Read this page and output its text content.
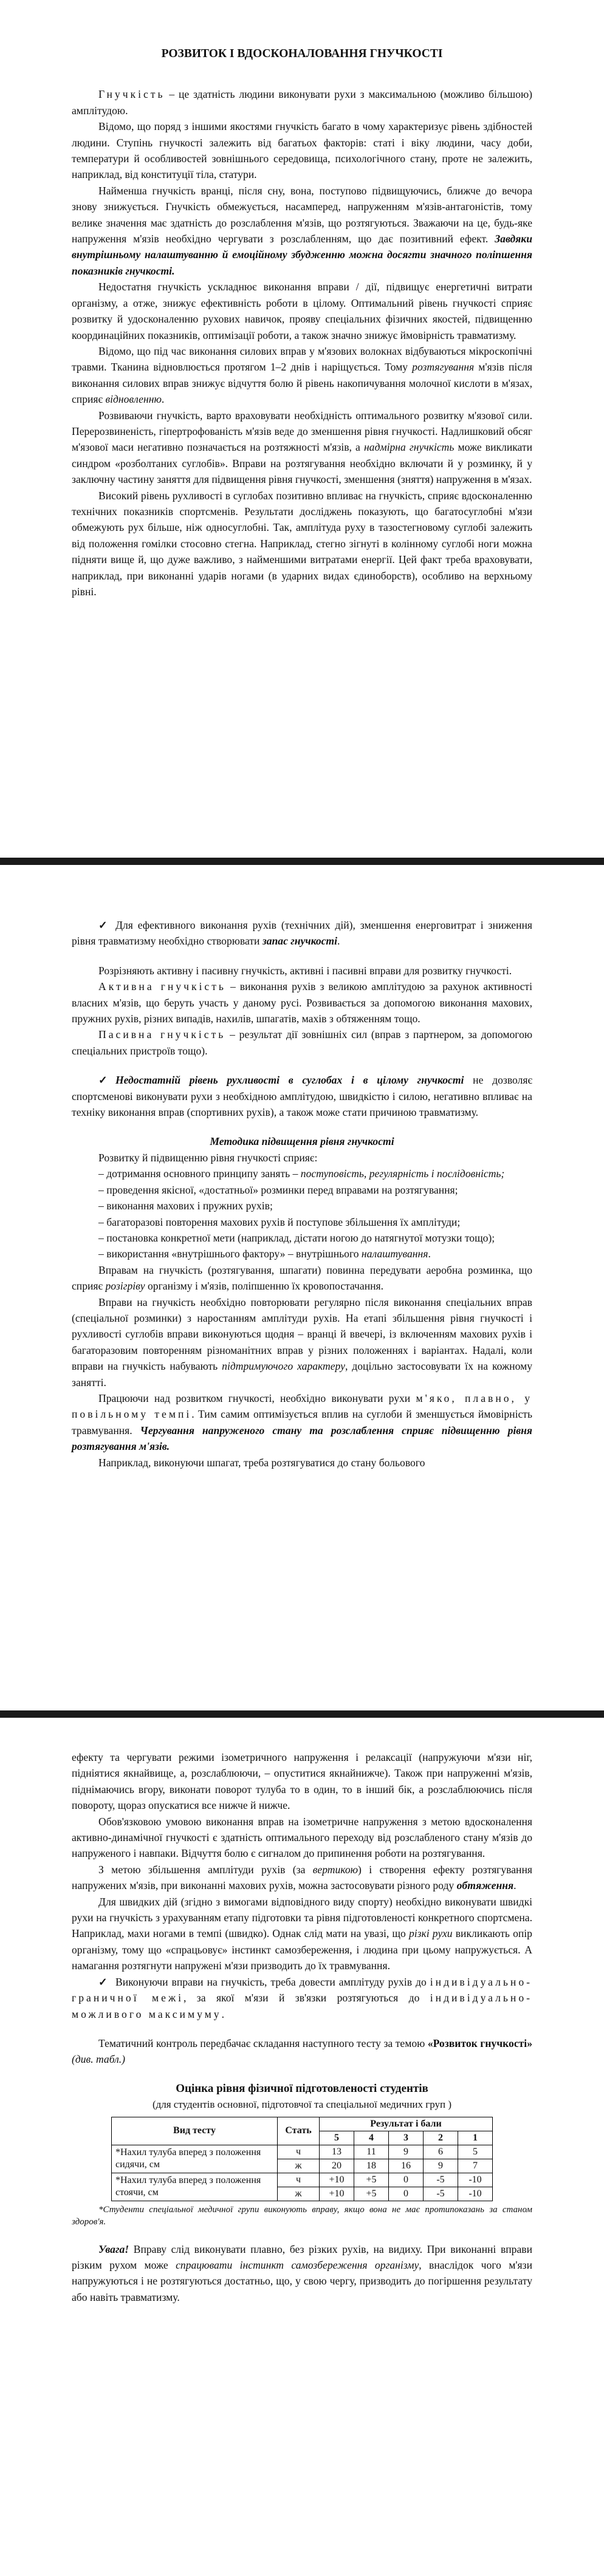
РОЗВИТОК І ВДОСКОНАЛОВАННЯ ГНУЧКОСТІ

Гнучкість – це здатність людини виконувати рухи з максимальною (можливо більшою) амплітудою.

Відомо, що поряд з іншими якостями гнучкість багато в чому характеризує рівень здібностей людини. Ступінь гнучкості залежить від багатьох факторів: статі і віку людини, часу доби, температури й особливостей зовнішнього середовища, психологічного стану, проте не залежить, наприклад, від конституції тіла, статури.

Найменша гнучкість вранці, після сну, вона, поступово підвищуючись, ближче до вечора знову знижується. Гнучкість обмежується, насамперед, напруженням м'язів-антагоністів, тому велике значення має здатність до розслаблення м'язів, що розтягуються. Зважаючи на це, будь-яке напруження м'язів необхідно чергувати з розслабленням, що дає позитивний ефект. Завдяки внутрішньому налаштуванню й емоційному збудженню можна досягти значного поліпшення показників гнучкості.

Недостатня гнучкість ускладнює виконання вправи / дії, підвищує енергетичні витрати організму, а отже, знижує ефективність роботи в цілому. Оптимальний рівень гнучкості сприяє розвитку й удосконаленню рухових навичок, прояву спеціальних фізичних якостей, підвищенню координаційних показників, оптимізації роботи, а також значно знижує ймовірність травматизму.

Відомо, що під час виконання силових вправ у м'язових волокнах відбуваються мікроскопічні травми. Тканина відновлюється протягом 1–2 днів і наріщується. Тому розтягування м'язів після виконання силових вправ знижує відчуття болю й рівень накопичування молочної кислоти в м'язах, сприяє відновленню.

Розвиваючи гнучкість, варто враховувати необхідність оптимального розвитку м'язової сили. Перерозвиненість, гіпертрофованість м'язів веде до зменшення рівня гнучкості. Надлишковий обсяг м'язової маси негативно позначається на розтяжності м'язів, а надмірна гнучкість може викликати синдром «розболтаних суглобів». Вправи на розтягування необхідно включати й у розминку, й у заключну частину заняття для підвищення рівня гнучкості, зменшення (зняття) напруження в м'язах.

Високий рівень рухливості в суглобах позитивно впливає на гнучкість, сприяє вдосконаленню технічних показників спортсменів. Результати досліджень показують, що багатосуглобні м'язи обмежують рух більше, ніж односуглобні. Так, амплітуда руху в тазостегновому суглобі залежить від положення гомілки стосовно стегна. Наприклад, стегно зігнуті в колінному суглобі ноги можна підняти вище й, що дуже важливо, з найменшими витратами енергії. Цей факт треба враховувати, наприклад, при виконанні ударів ногами (в ударних видах єдиноборств), особливо на верхньому рівні.

✓ Для ефективного виконання рухів (технічних дій), зменшення енерговитрат і зниження рівня травматизму необхідно створювати запас гнучкості.

Розрізняють активну і пасивну гнучкість, активні і пасивні вправи для розвитку гнучкості.

Активна гнучкість – виконання рухів з великою амплітудою за рахунок активності власних м'язів, що беруть участь у даному русі. Розвивається за допомогою виконання махових, пружних рухів, різних випадів, нахилів, шпагатів, махів з обтяженням тощо.

Пасивна гнучкість – результат дії зовнішніх сил (вправ з партнером, за допомогою спеціальних пристроїв тощо).

✓ Недостатній рівень рухливості в суглобах і в цілому гнучкості не дозволяє спортсменові виконувати рухи з необхідною амплітудою, швидкістю і силою, негативно впливає на техніку виконання вправ (спортивних рухів), а також може стати причиною травматизму.

Методика підвищення рівня гнучкості

Розвитку й підвищенню рівня гнучкості сприяє:

– дотримання основного принципу занять – поступовість, регулярність і послідовність;

– проведення якісної, «достатньої» розминки перед вправами на розтягування;

– виконання махових і пружних рухів;

– багаторазові повторення махових рухів й поступове збільшення їх амплітуди;

– постановка конкретної мети (наприклад, дістати ногою до натягнутої мотузки тощо);

– використання «внутрішнього фактору» – внутрішнього налаштування.

Вправам на гнучкість (розтягування, шпагати) повинна передувати аеробна розминка, що сприяє розігріву організму і м'язів, поліпшенню їх кровопостачання.

Вправи на гнучкість необхідно повторювати регулярно після виконання спеціальних вправ (спеціальної розминки) з наростанням амплітуди рухів. На етапі збільшення рівня гнучкості і рухливості суглобів вправи виконуються щодня – вранці й ввечері, із включенням махових рухів і багаторазовим повторенням різноманітних вправ у різних положеннях і варіантах. Надалі, коли вправи на гнучкість набувають підтримуючого характеру, доцільно застосовувати їх на кожному занятті.

Працюючи над розвитком гнучкості, необхідно виконувати рухи м'яко, плавно, у повільному темпі. Тим самим оптимізується вплив на суглоби й зменшується ймовірність травмування. Чергування напруженого стану та розслаблення сприяє підвищенню рівня розтягування м'язів.

Наприклад, виконуючи шпагат, треба розтягуватися до стану больового

ефекту та чергувати режими ізометричного напруження і релаксації (напружуючи м'язи ніг, підніятися якнайвище, а, розслаблюючи, – опуститися якнайнижче). Також при напруженні м'язів, піднімаючись вгору, виконати поворот тулуба то в один, то в інший бік, а розслаблюючись після повороту, щораз опускатися все нижче й нижче.

Обов'язковою умовою виконання вправ на ізометричне напруження з метою вдосконалення активно-динамічної гнучкості є здатність оптимального переходу від розслабленого стану м'язів до напруженого і навпаки. Відчуття болю є сигналом до припинення роботи на розтягування.

З метою збільшення амплітуди рухів (за вертикою) і створення ефекту розтягування напружених м'язів, при виконанні махових рухів, можна застосовувати різного роду обтяження.

Для швидких дій (згідно з вимогами відповідного виду спорту) необхідно виконувати швидкі рухи на гнучкість з урахуванням етапу підготовки та рівня підготовленості конкретного спортсмена. Наприклад, махи ногами в темпі (швидко). Однак слід мати на увазі, що різкі рухи викликають опір організму, тому що «спрацьовує» інстинкт самозбереження, і людина при цьому напружується. А намагання розтягнути напружені м'язи призводить до їх травмування.

✓ Виконуючи вправи на гнучкість, треба довести амплітуду рухів до індивідуально-граничної межі, за якої м'язи й зв'язки розтягуються до індивідуально-можливого максимуму.

Тематичний контроль передбачає складання наступного тесту за темою «Розвиток гнучкості» (див. табл.)

Оцінка рівня фізичної підготовленості студентів

(для студентів основної, підготовчої та спеціальної медичних груп )

Вид тесту	Стать	Результат і бали				
		5	4	3	2	1
*Нахил тулуба вперед з положення сидячи, см	ч	13	11	9	6	5
	ж	20	18	16	9	7
*Нахил тулуба вперед з положення стоячи, см	ч	+10	+5	0	-5	-10
	ж	+10	+5	0	-5	-10

*Студенти спеціальної медичної групи виконують вправу, якщо вона не має протипоказань за станом здоров'я.

Увага! Вправу слід виконувати плавно, без різких рухів, на видиху. При виконанні вправи різким рухом може спрацювати інстинкт самозбереження організму, внаслідок чого м'язи напружуються і не розтягуються достатньо, що, у свою чергу, призводить до погіршення результату або навіть травматизму.
